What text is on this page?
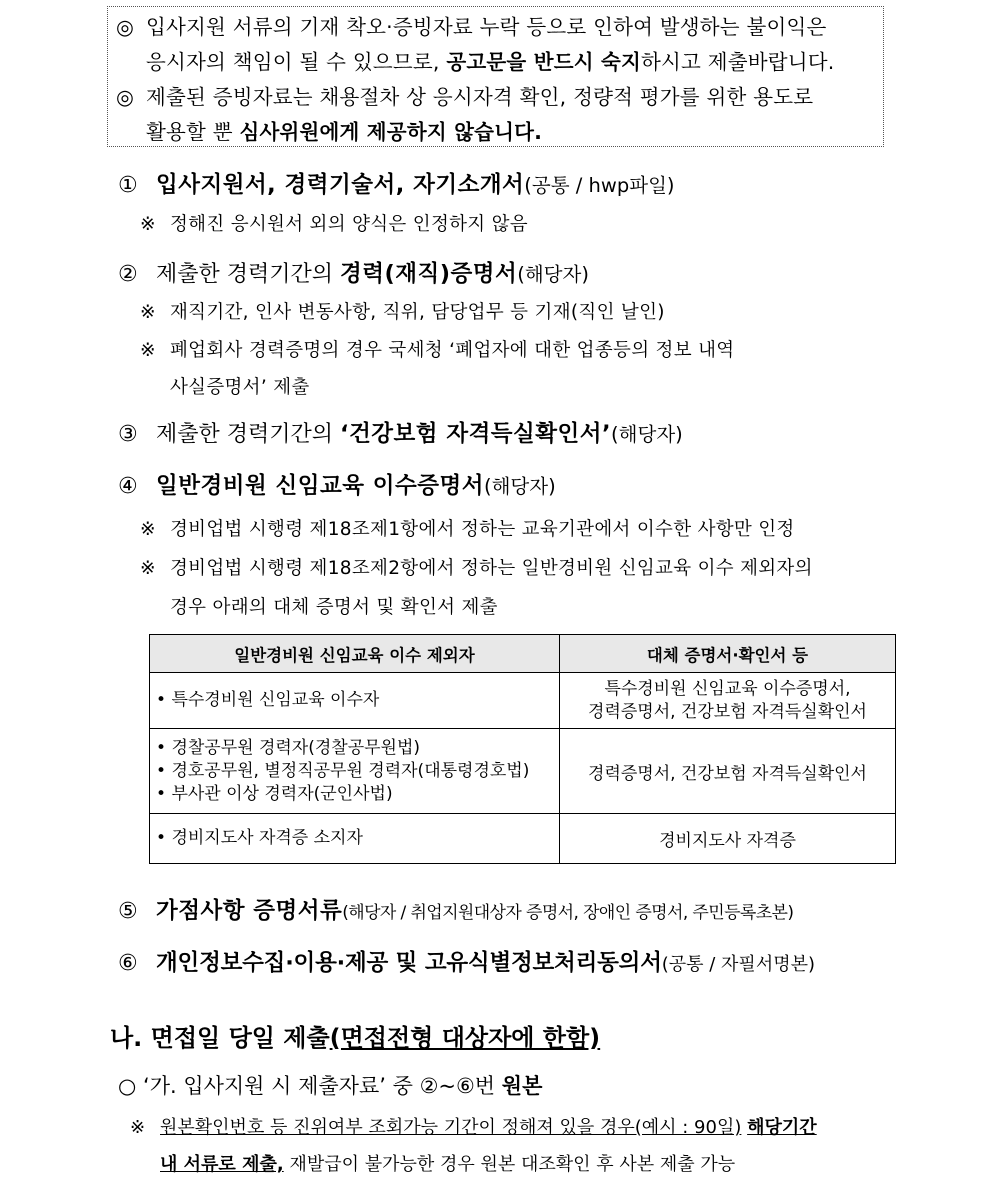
◎ 입사지원 서류의 기재 착오·증빙자료 누락 등으로 인하여 발생하는 불이익은
응시자의 책임이 될 수 있으므로, 공고문을 반드시 숙지하시고 제출바랍니다.
◎ 제출된 증빙자료는 채용절차 상 응시자격 확인, 정량적 평가를 위한 용도로
활용할 뿐 심사위원에게 제공하지 않습니다.
① 입사지원서, 경력기술서, 자기소개서(공통 / hwp파일)
※ 정해진 응시원서 외의 양식은 인정하지 않음
② 제출한 경력기간의 경력(재직)증명서(해당자)
※ 재직기간, 인사 변동사항, 직위, 담당업무 등 기재(직인 날인)
※ 폐업회사 경력증명의 경우 국세청 ‘폐업자에 대한 업종등의 정보 내역
사실증명서’ 제출
③ 제출한 경력기간의 ‘건강보험 자격득실확인서’(해당자)
④ 일반경비원 신임교육 이수증명서(해당자)
※ 경비업법 시행령 제18조제1항에서 정하는 교육기관에서 이수한 사항만 인정
※ 경비업법 시행령 제18조제2항에서 정하는 일반경비원 신임교육 이수 제외자의
경우 아래의 대체 증명서 및 확인서 제출
일반경비원 신임교육 이수 제외자	대체 증명서·확인서 등

• 특수경비원 신임교육 이수자	특수경비원 신임교육 이수증명서,
경력증명서, 건강보험 자격득실확인서

• 경찰공무원 경력자(경찰공무원법)
• 경호공무원, 별정직공무원 경력자(대통령경호법)
• 부사관 이상 경력자(군인사법)	경력증명서, 건강보험 자격득실확인서

• 경비지도사 자격증 소지자	경비지도사 자격증
⑤ 가점사항 증명서류(해당자 / 취업지원대상자 증명서, 장애인 증명서, 주민등록초본)
⑥ 개인정보수집·이용·제공 및 고유식별정보처리동의서(공통 / 자필서명본)
나. 면접일 당일 제출(면접전형 대상자에 한함)
○ ‘가. 입사지원 시 제출자료’ 중 ②~⑥번 원본
※ 원본확인번호 등 진위여부 조회가능 기간이 정해져 있을 경우(예시 : 90일) 해당기간
내 서류로 제출, 재발급이 불가능한 경우 원본 대조확인 후 사본 제출 가능
